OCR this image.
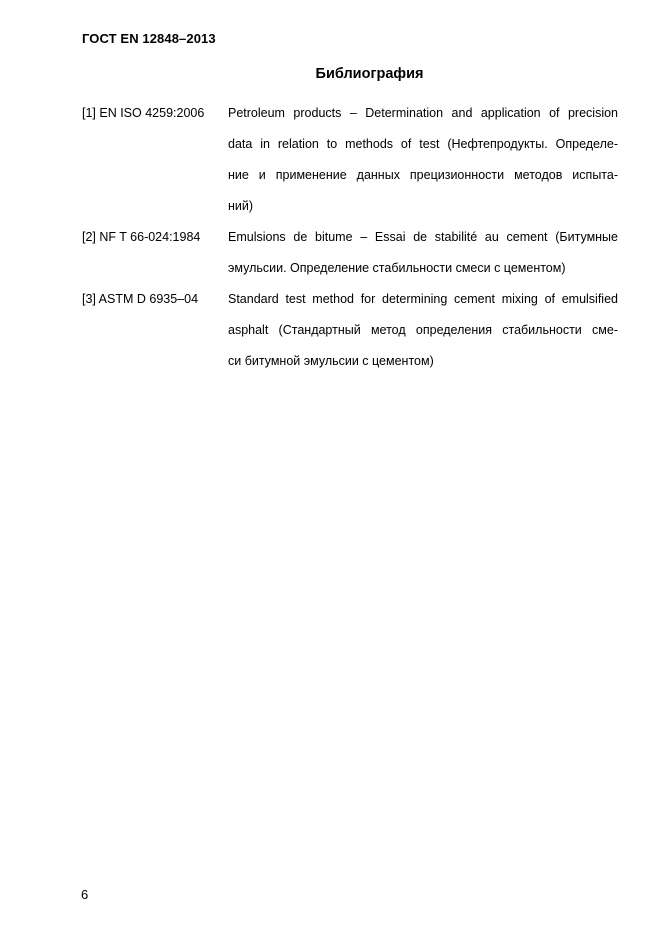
ГОСТ EN 12848–2013
Библиография
[1] EN ISO 4259:2006	Petroleum products – Determination and application of precision
data in relation to methods of test (Нефтепродукты. Определе-
ние и применение данных прецизионности методов испыта-
ний)
[2] NF T 66-024:1984	Emulsions de bitume – Essai de stabilité au cement (Битумные
эмульсии. Определение стабильности смеси с цементом)
[3] ASTM D 6935–04	Standard test method for determining cement mixing of emulsified
asphalt (Стандартный метод определения стабильности сме-
си битумной эмульсии с цементом)
6
